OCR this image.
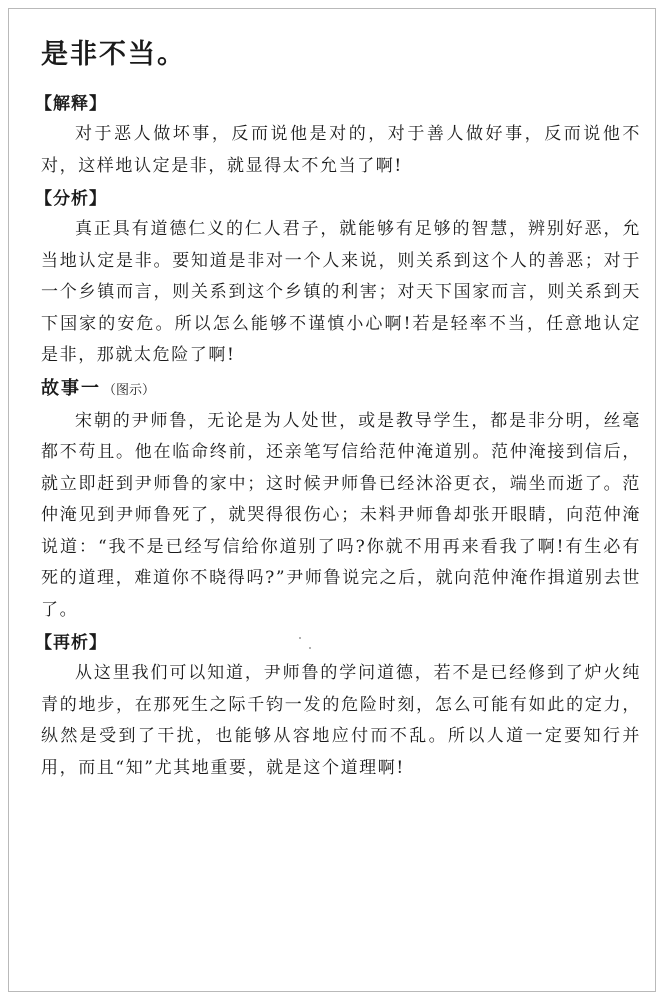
是非不当。
【解释】

对于恶人做坏事，反而说他是对的，对于善人做好事，反而说他不对，这样地认定是非，就显得太不允当了啊!

【分析】

真正具有道德仁义的仁人君子，就能够有足够的智慧，辨别好恶，允当地认定是非。要知道是非对一个人来说，则关系到这个人的善恶；对于一个乡镇而言，则关系到这个乡镇的利害；对天下国家而言，则关系到天下国家的安危。所以怎么能够不谨慎小心啊!若是轻率不当，任意地认定是非，那就太危险了啊!

故事一 （图示）

宋朝的尹师鲁，无论是为人处世，或是教导学生，都是非分明，丝毫都不苟且。他在临命终前，还亲笔写信给范仲淹道别。范仲淹接到信后，就立即赶到尹师鲁的家中；这时候尹师鲁已经沐浴更衣，端坐而逝了。范仲淹见到尹师鲁死了，就哭得很伤心；未料尹师鲁却张开眼睛，向范仲淹说道：“我不是已经写信给你道别了吗?你就不用再来看我了啊!有生必有死的道理，难道你不晓得吗?”尹师鲁说完之后，就向范仲淹作揖道别去世了。

【再析】

从这里我们可以知道，尹师鲁的学问道德，若不是已经修到了炉火纯青的地步，在那死生之际千钧一发的危险时刻，怎么可能有如此的定力，纵然是受到了干扰，也能够从容地应付而不乱。所以人道一定要知行并用，而且“知”尤其地重要，就是这个道理啊!
